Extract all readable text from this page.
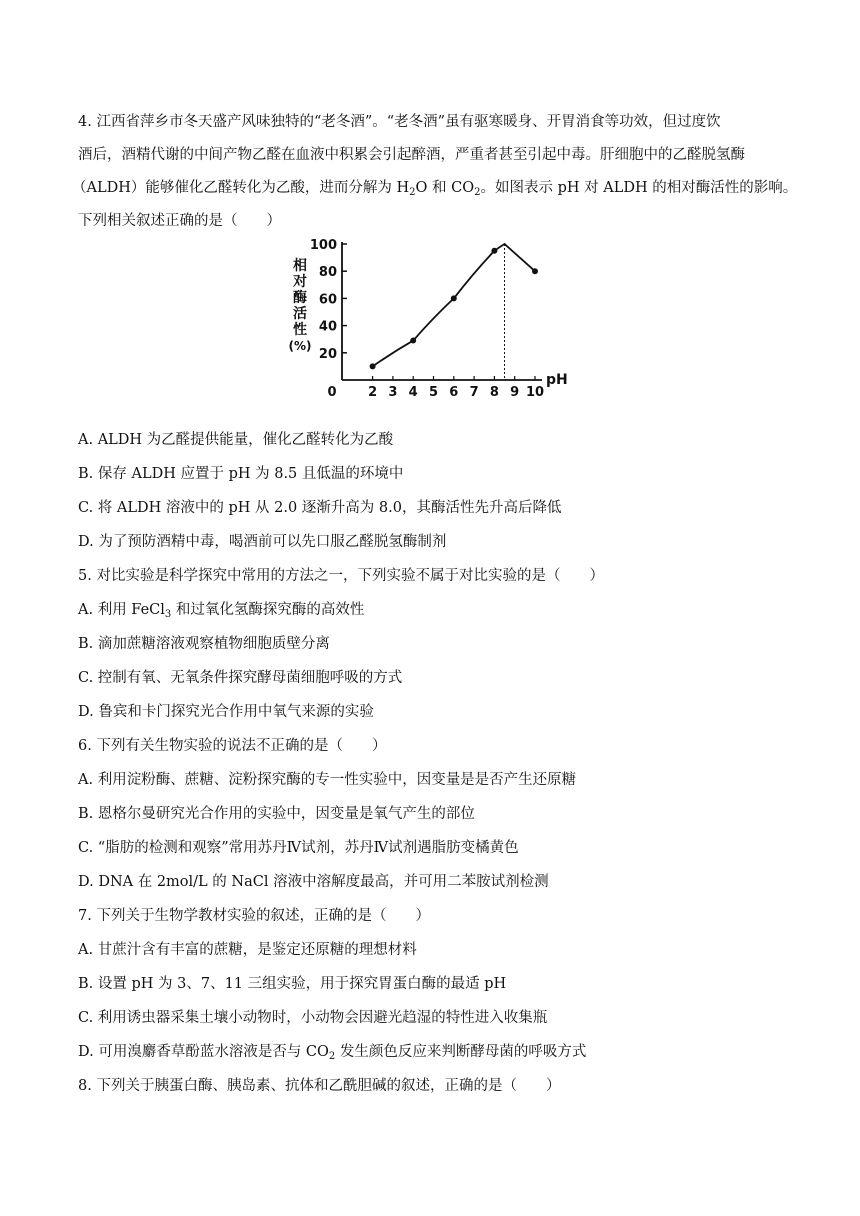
4. 江西省萍乡市冬天盛产风味独特的“老冬酒”。“老冬酒”虽有驱寒暖身、开胃消食等功效，但过度饮
酒后，酒精代谢的中间产物乙醛在血液中积累会引起醉酒，严重者甚至引起中毒。肝细胞中的乙醛脱氢酶
（ALDH）能够催化乙醛转化为乙酸，进而分解为 $H_2O$ 和 $CO_2$。如图表示 pH 对 ALDH 的相对酶活性的影响。
下列相关叙述正确的是（　　）
相
对
酶
活
性
(%)
20
40
60
80
100
0 2 3 4 5 6 7 8 9 10
pH
A. ALDH 为乙醛提供能量，催化乙醛转化为乙酸
B. 保存 ALDH 应置于 pH 为 8.5 且低温的环境中
C. 将 ALDH 溶液中的 pH 从 2.0 逐渐升高为 8.0，其酶活性先升高后降低
D. 为了预防酒精中毒，喝酒前可以先口服乙醛脱氢酶制剂
5. 对比实验是科学探究中常用的方法之一，下列实验不属于对比实验的是（　　）
A. 利用 FeCl$_3$ 和过氧化氢酶探究酶的高效性
B. 滴加蔗糖溶液观察植物细胞质壁分离
C. 控制有氧、无氧条件探究酵母菌细胞呼吸的方式
D. 鲁宾和卡门探究光合作用中氧气来源的实验
6. 下列有关生物实验的说法不正确的是（　　）
A. 利用淀粉酶、蔗糖、淀粉探究酶的专一性实验中，因变量是是否产生还原糖
B. 恩格尔曼研究光合作用的实验中，因变量是氧气产生的部位
C. “脂肪的检测和观察”常用苏丹Ⅳ试剂，苏丹Ⅳ试剂遇脂肪变橘黄色
D. DNA 在 2mol/L 的 NaCl 溶液中溶解度最高，并可用二苯胺试剂检测
7. 下列关于生物学教材实验的叙述，正确的是（　　）
A. 甘蔗汁含有丰富的蔗糖，是鉴定还原糖的理想材料
B. 设置 pH 为 3、7、11 三组实验，用于探究胃蛋白酶的最适 pH
C. 利用诱虫器采集土壤小动物时，小动物会因避光趋湿的特性进入收集瓶
D. 可用溴麝香草酚蓝水溶液是否与 $CO_2$ 发生颜色反应来判断酵母菌的呼吸方式
8. 下列关于胰蛋白酶、胰岛素、抗体和乙酰胆碱的叙述，正确的是（　　）
